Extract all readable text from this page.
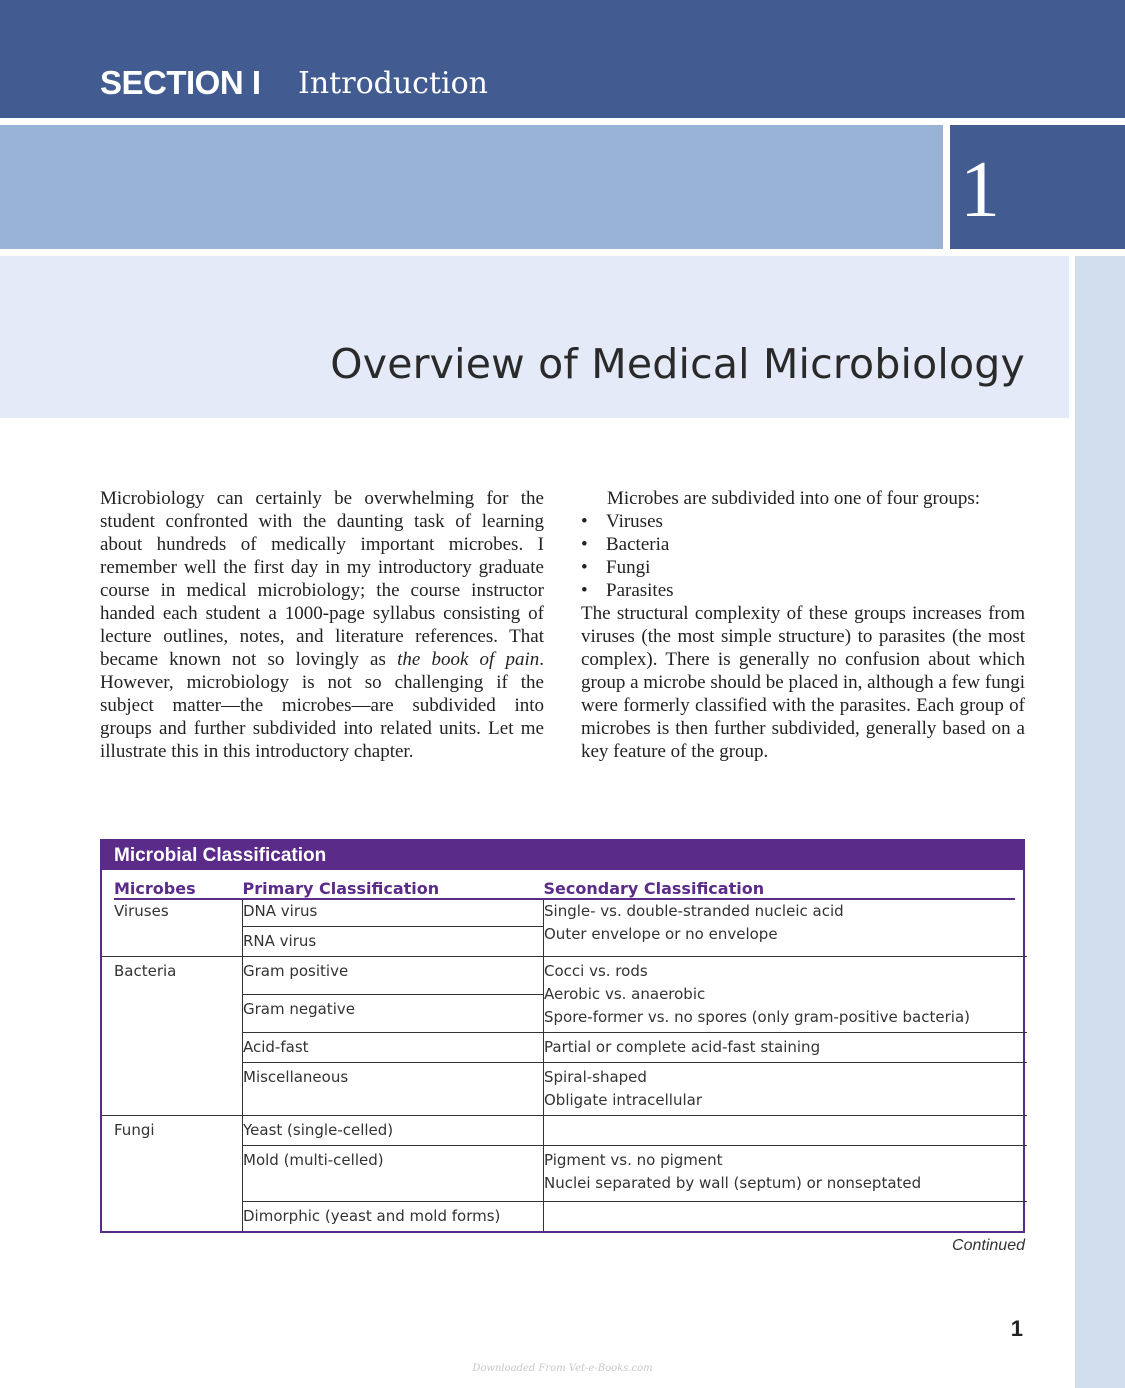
SECTION I Introduction
1
Overview of Medical Microbiology

Microbiology can certainly be overwhelming for the student confronted with the daunting task of learning about hundreds of medically important microbes. I remember well the first day in my introductory graduate course in medical microbiology; the course instructor handed each student a 1000-page syllabus consisting of lecture outlines, notes, and literature references. That became known not so lovingly as the book of pain. However, microbiology is not so challenging if the subject matter—the microbes—are subdivided into groups and further subdivided into related units. Let me illustrate this in this introductory chapter.

Microbes are subdivided into one of four groups:

• Viruses
• Bacteria
• Fungi
• Parasites

The structural complexity of these groups increases from viruses (the most simple structure) to parasites (the most complex). There is generally no confusion about which group a microbe should be placed in, although a few fungi were formerly classified with the parasites. Each group of microbes is then further subdivided, generally based on a key feature of the group.

Microbial Classification
Microbes	Primary Classification	Secondary Classification

Viruses	DNA virus	Single- vs. double-stranded nucleic acid
Outer envelope or no envelope

	RNA virus	

Bacteria	Gram positive	Cocci vs. rods
Aerobic vs. anaerobic
Spore-former vs. no spores (only gram-positive bacteria)

	Gram negative	

	Acid-fast	Partial or complete acid-fast staining

	Miscellaneous	Spiral-shaped
Obligate intracellular

Fungi	Yeast (single-celled)	

	Mold (multi-celled)	Pigment vs. no pigment
Nuclei separated by wall (septum) or nonseptated

	Dimorphic (yeast and mold forms)	

Continued
1
Downloaded From Vet-e-Books.com
